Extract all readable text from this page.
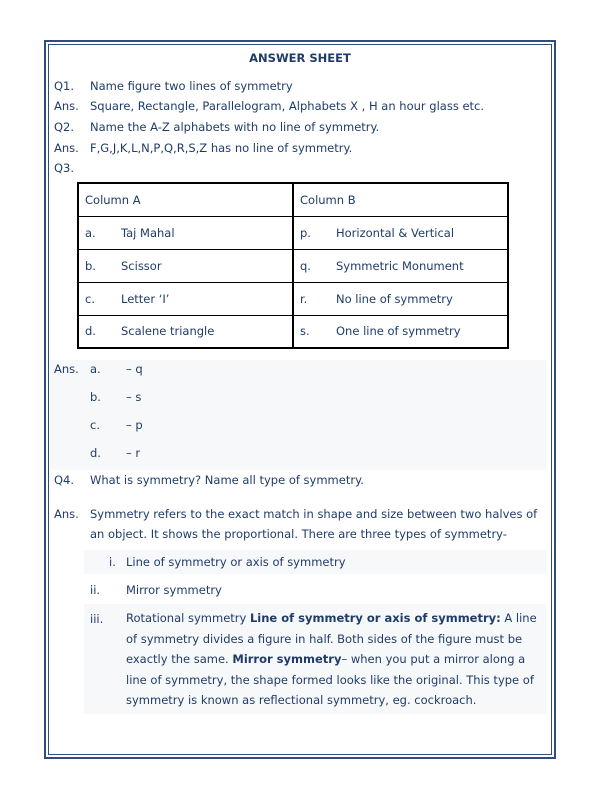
ANSWER SHEET
Q1. Name figure two lines of symmetry
Ans. Square, Rectangle, Parallelogram, Alphabets X , H an hour glass etc.
Q2. Name the A-Z alphabets with no line of symmetry.
Ans. F,G,J,K,L,N,P,Q,R,S,Z has no line of symmetry.
Q3.
Column A	Column B
a. Taj Mahal	p. Horizontal & Vertical
b. Scissor	q. Symmetric Monument
c. Letter ‘I’	r. No line of symmetry
d. Scalene triangle	s. One line of symmetry
Ans. a. – q
b. – s
c. – p
d. – r
Q4. What is symmetry? Name all type of symmetry.
Ans. Symmetry refers to the exact match in shape and size between two halves of an object. It shows the proportional. There are three types of symmetry-
i. Line of symmetry or axis of symmetry
ii. Mirror symmetry
iii. Rotational symmetry Line of symmetry or axis of symmetry: A line of symmetry divides a figure in half. Both sides of the figure must be exactly the same. Mirror symmetry– when you put a mirror along a line of symmetry, the shape formed looks like the original. This type of symmetry is known as reflectional symmetry, eg. cockroach.
